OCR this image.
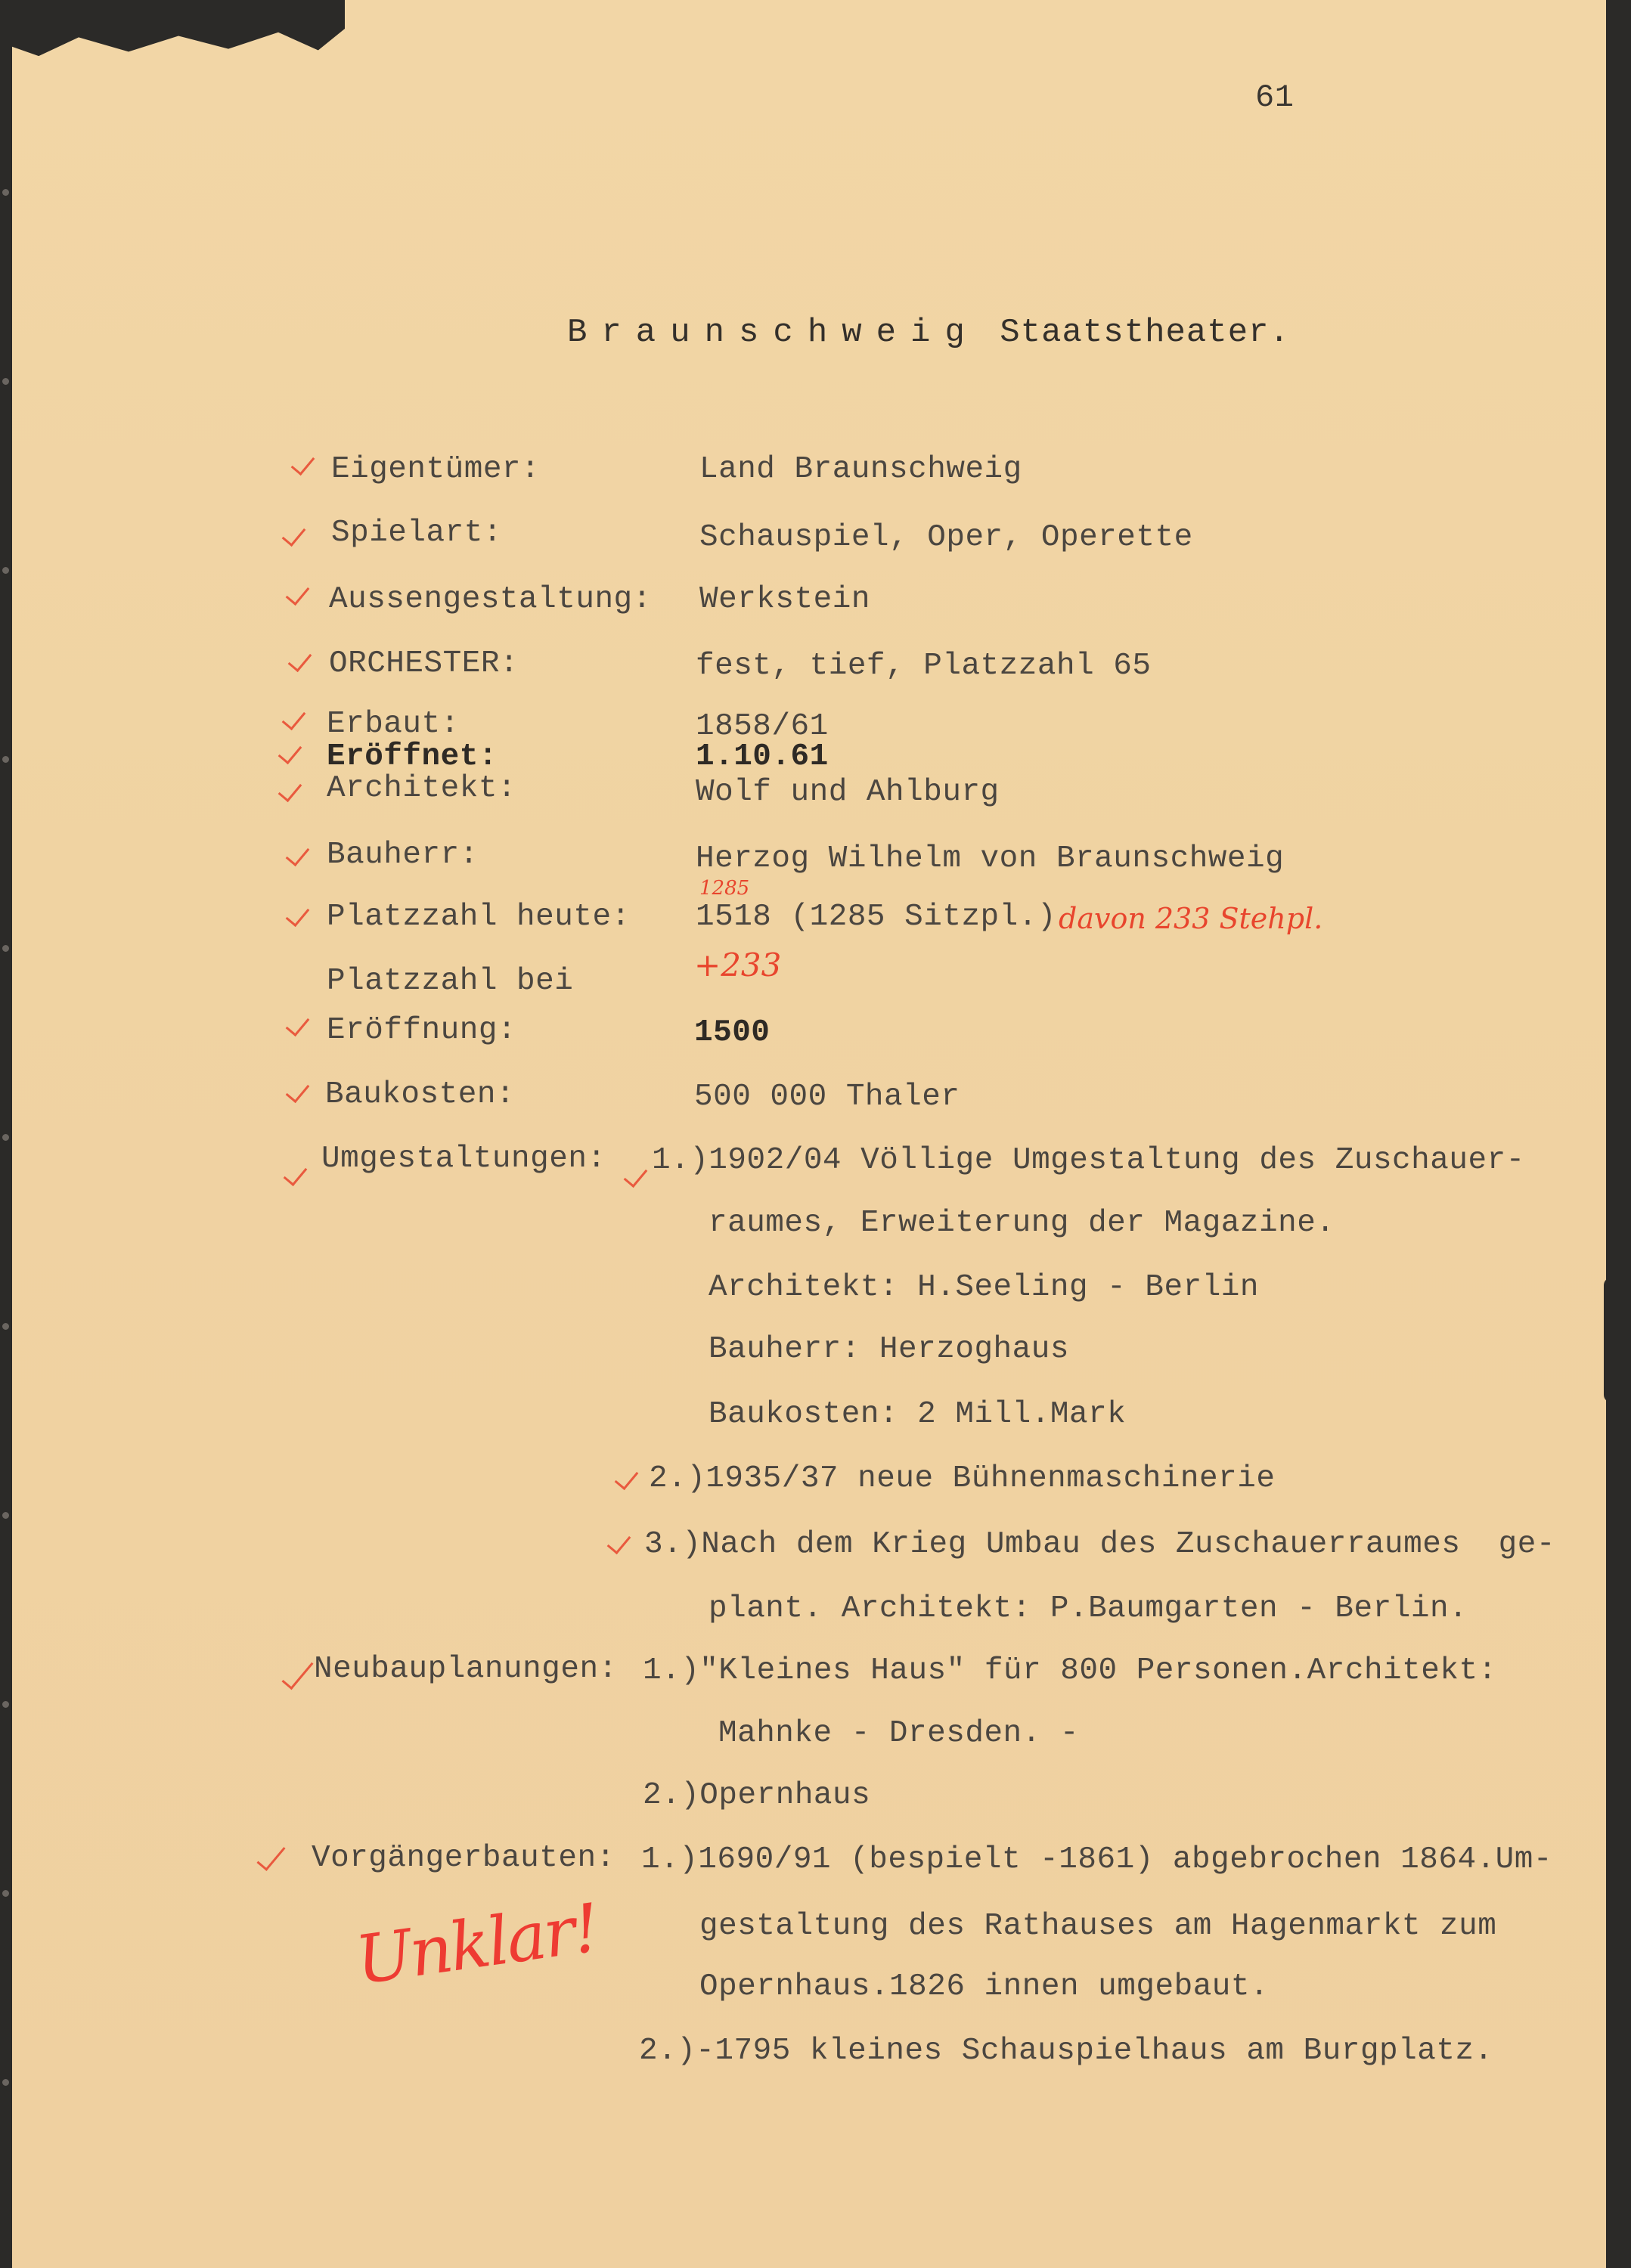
61
Braunschweig Staatstheater.
Eigentümer:	Land Braunschweig
Spielart:	Schauspiel, Oper, Operette
Aussengestaltung: Werkstein
ORCHESTER:	fest, tief, Platzzahl 65
Erbaut:	1858/61
Eröffnet:	1.10.61
Architekt:	Wolf und Ahlburg
Bauherr:	Herzog Wilhelm von Braunschweig
Platzzahl heute: 1518 (1285 Sitzpl.)
1285
davon 233 Stehpl.
Platzzahl bei	+233
Eröffnung:	1500
Baukosten:	500 000 Thaler
Umgestaltungen: 1.)1902/04 Völlige Umgestaltung des Zuschauer-
raumes, Erweiterung der Magazine.
Architekt: H.Seeling - Berlin
Bauherr: Herzoghaus
Baukosten: 2 Mill.Mark
2.)1935/37 neue Bühnenmaschinerie
3.)Nach dem Krieg Umbau des Zuschauerraumes  ge-
plant. Architekt: P.Baumgarten - Berlin.
Neubauplanungen: 1.)"Kleines Haus" für 800 Personen.Architekt:
Mahnke - Dresden. -
2.)Opernhaus
Vorgängerbauten: 1.)1690/91 (bespielt -1861) abgebrochen 1864.Um-
gestaltung des Rathauses am Hagenmarkt zum
Opernhaus.1826 innen umgebaut.
2.)-1795 kleines Schauspielhaus am Burgplatz.
Unklar!
